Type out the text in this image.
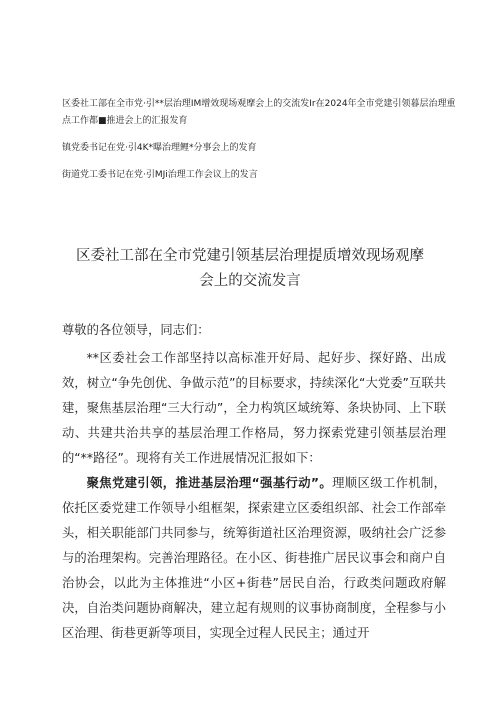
区委社工部在全市党·引**层治理IM增效现场观摩会上的交流发Ir在2024年全市党建引领暮层治理重点工作都■推进会上的汇报发育

镇党委书记在党·引4K*曝治理鲤*分事会上的发育

街道党工委书记在党·引MJi治理工作会议上的发言

区委社工部在全市党建引领基层治理提质增效现场观摩
会上的交流发言

尊敬的各位领导，同志们：

**区委社会工作部坚持以高标准开好局、起好步、探好路、出成效，树立“争先创优、争做示范”的目标要求，持续深化“大党委”互联共建，聚焦基层治理“三大行动”，全力构筑区域统筹、条块协同、上下联动、共建共治共享的基层治理工作格局，努力探索党建引领基层治理的“**路径”。现将有关工作进展情况汇报如下：

聚焦党建引领，推进基层治理“强基行动”。理顺区级工作机制，依托区委党建工作领导小组框架，探索建立区委组织部、社会工作部牵头，相关职能部门共同参与，统筹街道社区治理资源，吸纳社会广泛参与的治理架构。完善治理路径。在小区、街巷推广居民议事会和商户自治协会，以此为主体推进“小区+街巷”居民自治，行政类问题政府解决，自治类问题协商解决，建立起有规则的议事协商制度，全程参与小区治理、街巷更新等项目，实现全过程人民民主；通过开
